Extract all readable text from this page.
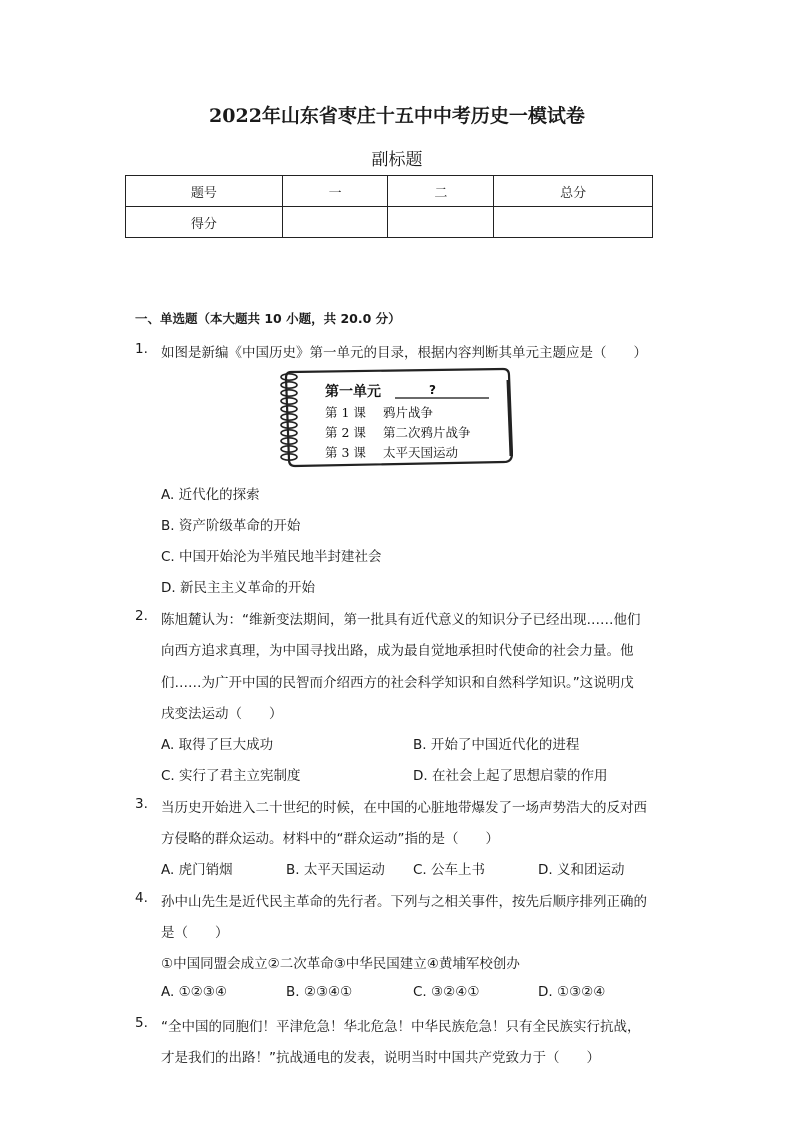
2022年山东省枣庄十五中中考历史一模试卷
副标题
题号	一	二	总分
得分			
一、单选题（本大题共 10 小题，共 20.0 分）
1. 如图是新编《中国历史》第一单元的目录，根据内容判断其单元主题应是（　　）
第一单元	?
第 1 课 鸦片战争
第 2 课 第二次鸦片战争
第 3 课 太平天国运动
A. 近代化的探索
B. 资产阶级革命的开始
C. 中国开始沦为半殖民地半封建社会
D. 新民主主义革命的开始
2. 陈旭麓认为：“维新变法期间，第一批具有近代意义的知识分子已经出现……他们
向西方追求真理，为中国寻找出路，成为最自觉地承担时代使命的社会力量。他
们……为广开中国的民智而介绍西方的社会科学知识和自然科学知识。”这说明戊
戌变法运动（　　）
A. 取得了巨大成功	B. 开始了中国近代化的进程
C. 实行了君主立宪制度	D. 在社会上起了思想启蒙的作用
3. 当历史开始进入二十世纪的时候，在中国的心脏地带爆发了一场声势浩大的反对西
方侵略的群众运动。材料中的“群众运动”指的是（　　）
A. 虎门销烟	B. 太平天国运动 C. 公车上书	D. 义和团运动
4. 孙中山先生是近代民主革命的先行者。下列与之相关事件，按先后顺序排列正确的
是（　　）
①中国同盟会成立②二次革命③中华民国建立④黄埔军校创办
A. ①②③④	B. ②③④①	C. ③②④①	D. ①③②④
5. “全中国的同胞们！平津危急！华北危急！中华民族危急！只有全民族实行抗战，
才是我们的出路！”抗战通电的发表，说明当时中国共产党致力于（　　）
